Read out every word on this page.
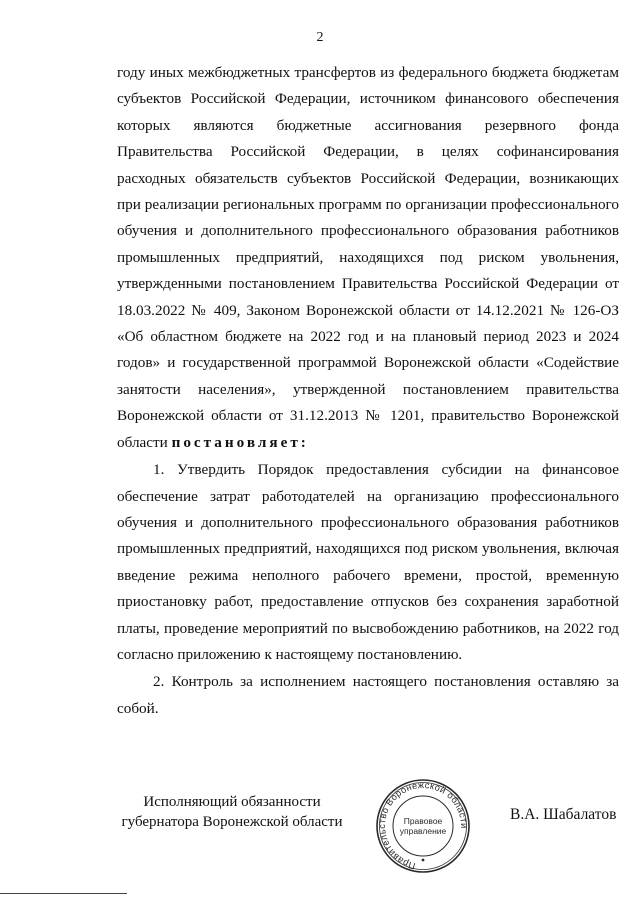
2

году иных межбюджетных трансфертов из федерального бюджета бюджетам субъектов Российской Федерации, источником финансового обеспечения которых являются бюджетные ассигнования резервного фонда Правительства Российской Федерации, в целях софинансирования расходных обязательств субъектов Российской Федерации, возникающих при реализации региональных программ по организации профессионального обучения и дополнительного профессионального образования работников промышленных предприятий, находящихся под риском увольнения, утвержденными постановлением Правительства Российской Федерации от 18.03.2022 № 409, Законом Воронежской области от 14.12.2021 № 126-ОЗ «Об областном бюджете на 2022 год и на плановый период 2023 и 2024 годов» и государственной программой Воронежской области «Содействие занятости населения», утвержденной постановлением правительства Воронежской области от 31.12.2013 № 1201, правительство Воронежской области постановляет:

1. Утвердить Порядок предоставления субсидии на финансовое обеспечение затрат работодателей на организацию профессионального обучения и дополнительного профессионального образования работников промышленных предприятий, находящихся под риском увольнения, включая введение режима неполного рабочего времени, простой, временную приостановку работ, предоставление отпусков без сохранения заработной платы, проведение мероприятий по высвобождению работников, на 2022 год согласно приложению к настоящему постановлению.

2. Контроль за исполнением настоящего постановления оставляю за собой.

Исполняющий обязанности
губернатора Воронежской области
Правительство Воронежской области
Правовое
управление
В.А. Шабалатов
